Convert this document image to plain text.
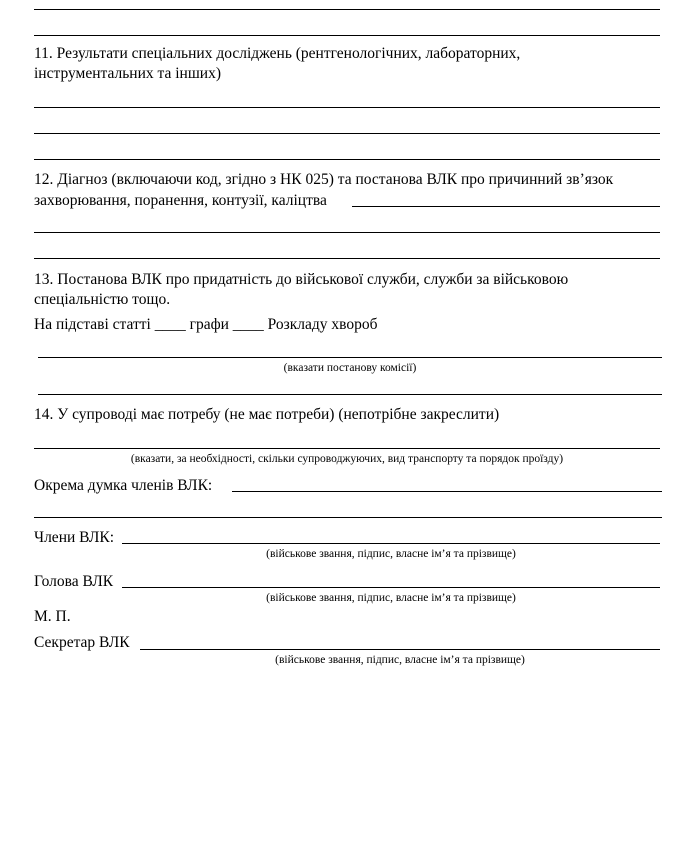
11. Результати спеціальних досліджень (рентгенологічних, лабораторних,
інструментальних та інших)
12. Діагноз (включаючи код, згідно з НК 025) та постанова ВЛК про причинний зв’язок
захворювання, поранення, контузії, каліцтва
13. Постанова ВЛК про придатність до військової служби, служби за військовою
спеціальністю тощо.
На підставі статті ____ графи ____ Розкладу хвороб
(вказати постанову комісії)
14. У супроводі має потребу (не має потреби) (непотрібне закреслити)
(вказати, за необхідності, скільки супроводжуючих, вид транспорту та порядок проїзду)
Окрема думка членів ВЛК:
Члени ВЛК:
(військове звання, підпис, власне ім’я та прізвище)
Голова ВЛК
(військове звання, підпис, власне ім’я та прізвище)
М. П.
Секретар ВЛК
(військове звання, підпис, власне ім’я та прізвище)
